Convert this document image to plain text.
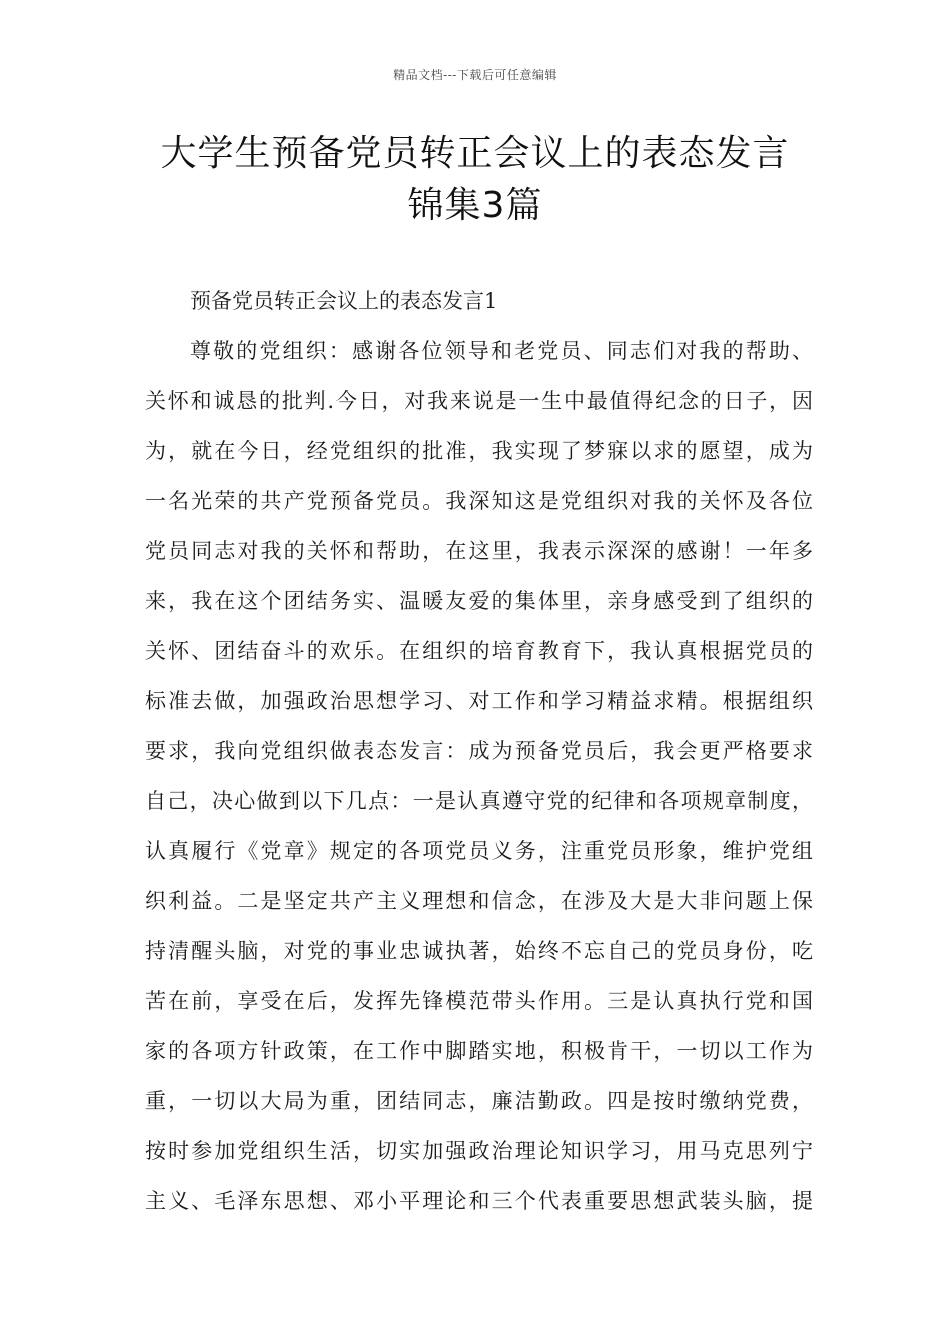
精品文档---下载后可任意编辑
大学生预备党员转正会议上的表态发言
锦集3篇
预备党员转正会议上的表态发言1
尊敬的党组织：感谢各位领导和老党员、同志们对我的帮助、
关怀和诚恳的批判.今日，对我来说是一生中最值得纪念的日子，因
为，就在今日，经党组织的批准，我实现了梦寐以求的愿望，成为
一名光荣的共产党预备党员。我深知这是党组织对我的关怀及各位
党员同志对我的关怀和帮助，在这里，我表示深深的感谢！一年多
来，我在这个团结务实、温暖友爱的集体里，亲身感受到了组织的
关怀、团结奋斗的欢乐。在组织的培育教育下，我认真根据党员的
标准去做，加强政治思想学习、对工作和学习精益求精。根据组织
要求，我向党组织做表态发言：成为预备党员后，我会更严格要求
自己，决心做到以下几点：一是认真遵守党的纪律和各项规章制度，
认真履行《党章》规定的各项党员义务，注重党员形象，维护党组
织利益。二是坚定共产主义理想和信念，在涉及大是大非问题上保
持清醒头脑，对党的事业忠诚执著，始终不忘自己的党员身份，吃
苦在前，享受在后，发挥先锋模范带头作用。三是认真执行党和国
家的各项方针政策，在工作中脚踏实地，积极肯干，一切以工作为
重，一切以大局为重，团结同志，廉洁勤政。四是按时缴纳党费，
按时参加党组织生活，切实加强政治理论知识学习，用马克思列宁
主义、毛泽东思想、邓小平理论和三个代表重要思想武装头脑，提
